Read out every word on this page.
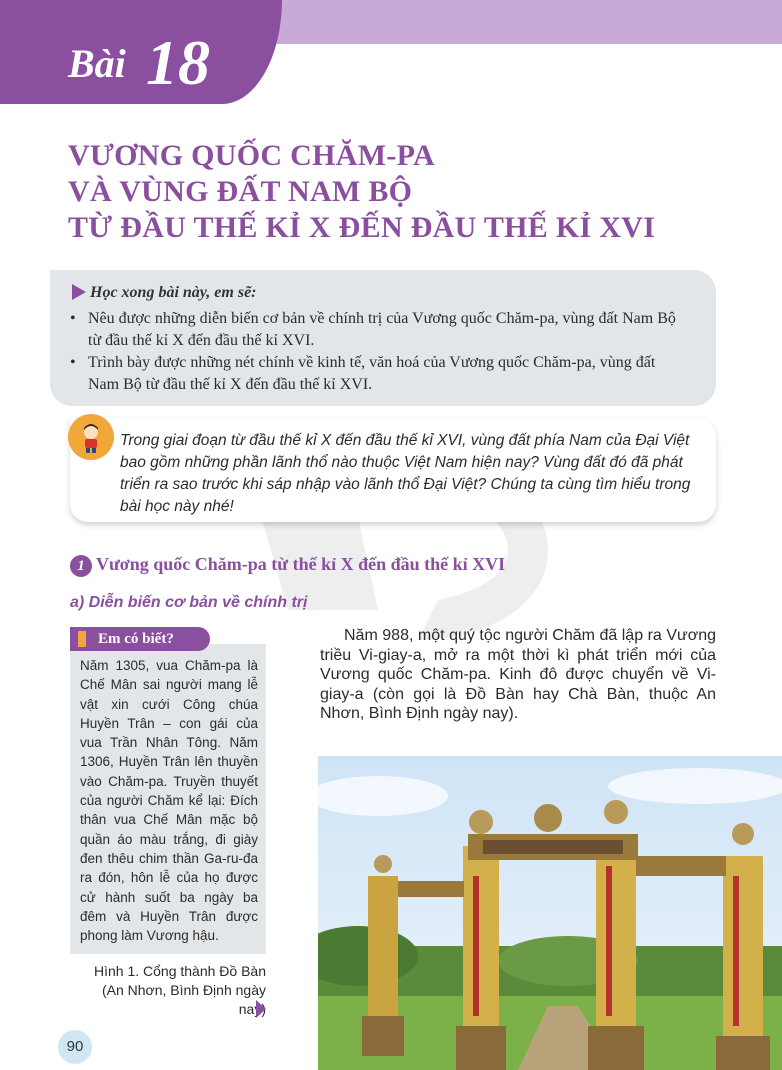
Bài 18
VƯƠNG QUỐC CHĂM-PA
VÀ VÙNG ĐẤT NAM BỘ
TỪ ĐẦU THẾ KỈ X ĐẾN ĐẦU THẾ KỈ XVI
Học xong bài này, em sẽ:
• Nêu được những diễn biến cơ bản về chính trị của Vương quốc Chăm-pa, vùng đất Nam Bộ từ đầu thế kỉ X đến đầu thế kỉ XVI.
• Trình bày được những nét chính về kinh tế, văn hoá của Vương quốc Chăm-pa, vùng đất Nam Bộ từ đầu thế kỉ X đến đầu thế kỉ XVI.
Trong giai đoạn từ đầu thế kỉ X đến đầu thế kỉ XVI, vùng đất phía Nam của Đại Việt bao gồm những phần lãnh thổ nào thuộc Việt Nam hiện nay? Vùng đất đó đã phát triển ra sao trước khi sáp nhập vào lãnh thổ Đại Việt? Chúng ta cùng tìm hiểu trong bài học này nhé!
1 Vương quốc Chăm-pa từ thế kỉ X đến đầu thế kỉ XVI
a) Diễn biến cơ bản về chính trị
Em có biết?
Năm 1305, vua Chăm-pa là Chế Mân sai người mang lễ vật xin cưới Công chúa Huyền Trân – con gái của vua Trần Nhân Tông. Năm 1306, Huyền Trân lên thuyền vào Chăm-pa. Truyền thuyết của người Chăm kể lại: Đích thân vua Chế Mân mặc bộ quần áo màu trắng, đi giày đen thêu chim thần Ga-ru-đa ra đón, hôn lễ của họ được cử hành suốt ba ngày ba đêm và Huyền Trân được phong làm Vương hậu.
Hình 1. Cổng thành Đồ Bàn (An Nhơn, Bình Định ngày nay)
Năm 988, một quý tộc người Chăm đã lập ra Vương triều Vi-giay-a, mở ra một thời kì phát triển mới của Vương quốc Chăm-pa. Kinh đô được chuyển về Vi-giay-a (còn gọi là Đồ Bàn hay Chà Bàn, thuộc An Nhơn, Bình Định ngày nay).
90
